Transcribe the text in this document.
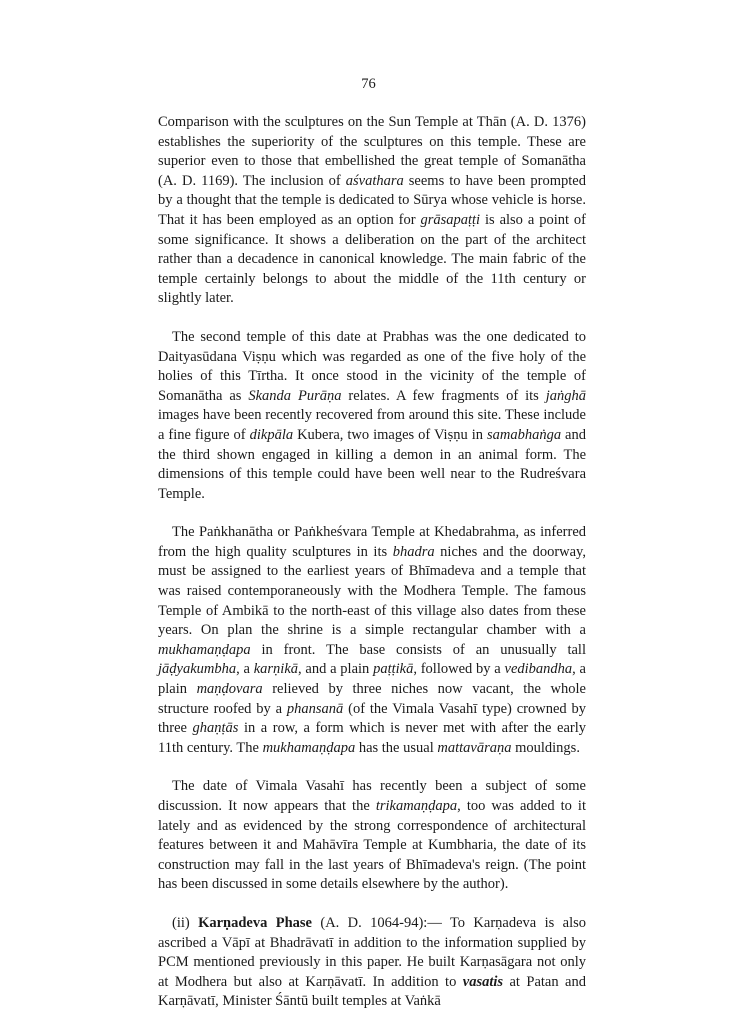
76

Comparison with the sculptures on the Sun Temple at Thān (A. D. 1376) establishes the superiority of the sculptures on this temple. These are superior even to those that embellished the great temple of Somanātha (A. D. 1169). The inclusion of aśvathara seems to have been prompted by a thought that the temple is dedicated to Sūrya whose vehicle is horse. That it has been employed as an option for grāsapaṭṭi is also a point of some significance. It shows a deliberation on the part of the architect rather than a decadence in canonical knowledge. The main fabric of the temple certainly belongs to about the middle of the 11th century or slightly later.

The second temple of this date at Prabhas was the one dedicated to Daityasūdana Viṣṇu which was regarded as one of the five holy of the holies of this Tīrtha. It once stood in the vicinity of the temple of Somanātha as Skanda Purāṇa relates. A few fragments of its jaṅghā images have been recently recovered from around this site. These include a fine figure of dikpāla Kubera, two images of Viṣṇu in samabhaṅga and the third shown engaged in killing a demon in an animal form. The dimensions of this temple could have been well near to the Rudreśvara Temple.

The Paṅkhanātha or Paṅkheśvara Temple at Khedabrahma, as inferred from the high quality sculptures in its bhadra niches and the doorway, must be assigned to the earliest years of Bhīmadeva and a temple that was raised contemporaneously with the Modhera Temple. The famous Temple of Ambikā to the north-east of this village also dates from these years. On plan the shrine is a simple rectangular chamber with a mukhamaṇḍapa in front. The base consists of an unusually tall jāḍyakumbha, a karṇikā, and a plain paṭṭikā, followed by a vedibandha, a plain maṇḍovara relieved by three niches now vacant, the whole structure roofed by a phansanā (of the Vimala Vasahī type) crowned by three ghaṇṭās in a row, a form which is never met with after the early 11th century. The mukhamaṇḍapa has the usual mattavāraṇa mouldings.

The date of Vimala Vasahī has recently been a subject of some discussion. It now appears that the trikamaṇḍapa, too was added to it lately and as evidenced by the strong correspondence of architectural features between it and Mahāvīra Temple at Kumbharia, the date of its construction may fall in the last years of Bhīmadeva's reign. (The point has been discussed in some details elsewhere by the author).

(ii) Karṇadeva Phase (A. D. 1064-94):— To Karṇadeva is also ascribed a Vāpī at Bhadrāvatī in addition to the information supplied by PCM mentioned previously in this paper. He built Karṇasāgara not only at Modhera but also at Karṇāvatī. In addition to vasatis at Patan and Karṇāvatī, Minister Śāntū built temples at Vaṅkā
